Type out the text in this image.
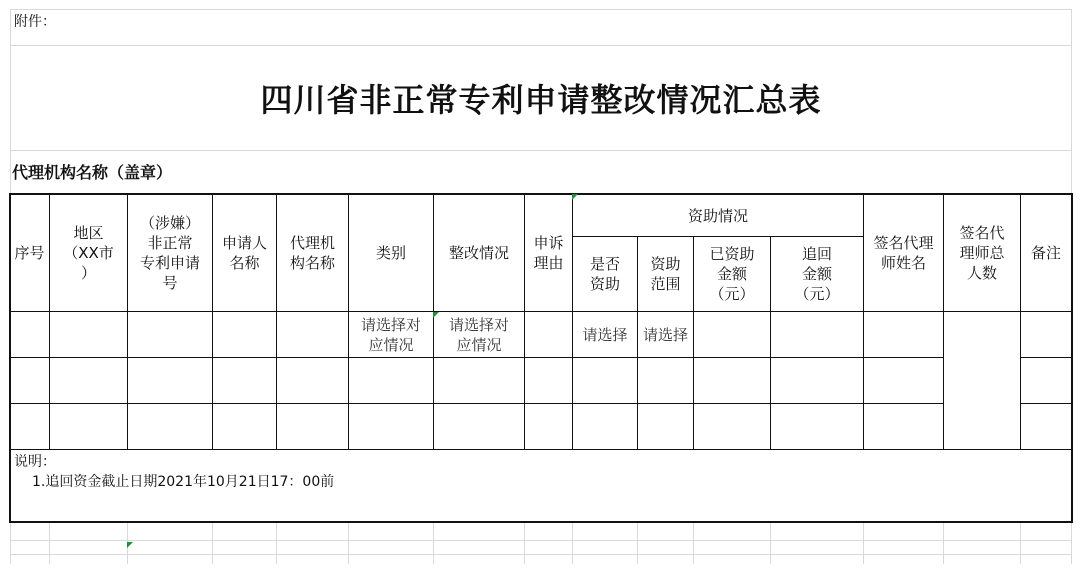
附件：
四川省非正常专利申请整改情况汇总表
代理机构名称（盖章）
序号
地区
（XX市
）
（涉嫌）
非正常
专利申请
号
申请人
名称
代理机
构名称
类别	整改情况
申诉
理由
资助情况
是否
资助
资助
范围
已资助
金额
（元）
追回
金额
（元）
签名代理
师姓名
签名代
理师总
人数
备注
请选择对
应情况
请选择对
应情况
请选择	请选择
说明：
1.追回资金截止日期2021年10月21日17：00前
